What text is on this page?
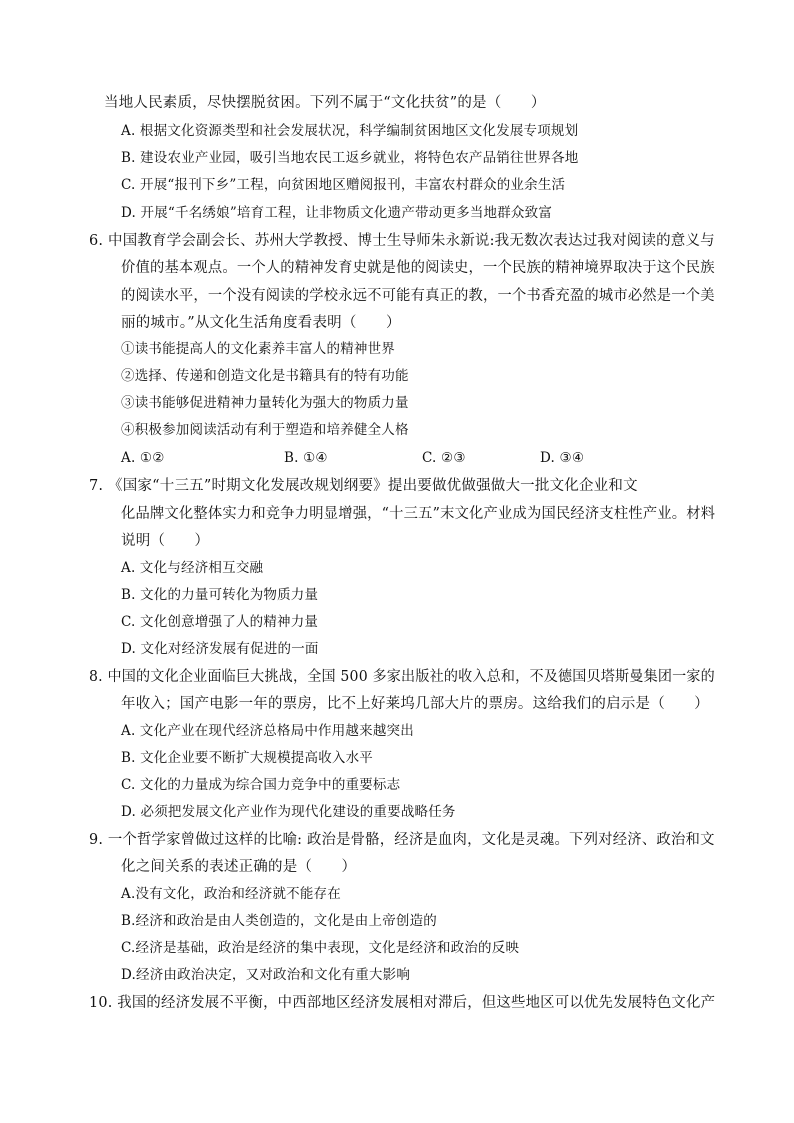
当地人民素质，尽快摆脱贫困。下列不属于“文化扶贫”的是（　　）
A. 根据文化资源类型和社会发展状况，科学编制贫困地区文化发展专项规划
B. 建设农业产业园，吸引当地农民工返乡就业，将特色农产品销往世界各地
C. 开展“报刊下乡”工程，向贫困地区赠阅报刊，丰富农村群众的业余生活
D. 开展“千名绣娘”培育工程，让非物质文化遗产带动更多当地群众致富
6. 中国教育学会副会长、苏州大学教授、博士生导师朱永新说:我无数次表达过我对阅读的意义与
价值的基本观点。一个人的精神发育史就是他的阅读史，一个民族的精神境界取决于这个民族
的阅读水平，一个没有阅读的学校永远不可能有真正的教，一个书香充盈的城市必然是一个美
丽的城市。”从文化生活角度看表明（　　）
①读书能提高人的文化素养丰富人的精神世界
②选择、传递和创造文化是书籍具有的特有功能
③读书能够促进精神力量转化为强大的物质力量
④积极参加阅读活动有利于塑造和培养健全人格
A. ①②	B. ①④	C. ②③	D. ③④
7. 《国家“十三五”时期文化发展改规划纲要》提出要做优做强做大一批文化企业和文
化品牌文化整体实力和竞争力明显增强，“十三五”末文化产业成为国民经济支柱性产业。材料
说明（　　）
A. 文化与经济相互交融
B. 文化的力量可转化为物质力量
C. 文化创意增强了人的精神力量
D. 文化对经济发展有促进的一面
8. 中国的文化企业面临巨大挑战，全国 500 多家出版社的收入总和，不及德国贝塔斯曼集团一家的
年收入；国产电影一年的票房，比不上好莱坞几部大片的票房。这给我们的启示是（　　）
A. 文化产业在现代经济总格局中作用越来越突出
B. 文化企业要不断扩大规模提高收入水平
C. 文化的力量成为综合国力竞争中的重要标志
D. 必须把发展文化产业作为现代化建设的重要战略任务
9. 一个哲学家曾做过这样的比喻: 政治是骨骼，经济是血肉，文化是灵魂。下列对经济、政治和文
化之间关系的表述正确的是（　　）
A.没有文化，政治和经济就不能存在
B.经济和政治是由人类创造的，文化是由上帝创造的
C.经济是基础，政治是经济的集中表现，文化是经济和政治的反映
D.经济由政治决定，又对政治和文化有重大影响
10. 我国的经济发展不平衡，中西部地区经济发展相对滞后，但这些地区可以优先发展特色文化产
